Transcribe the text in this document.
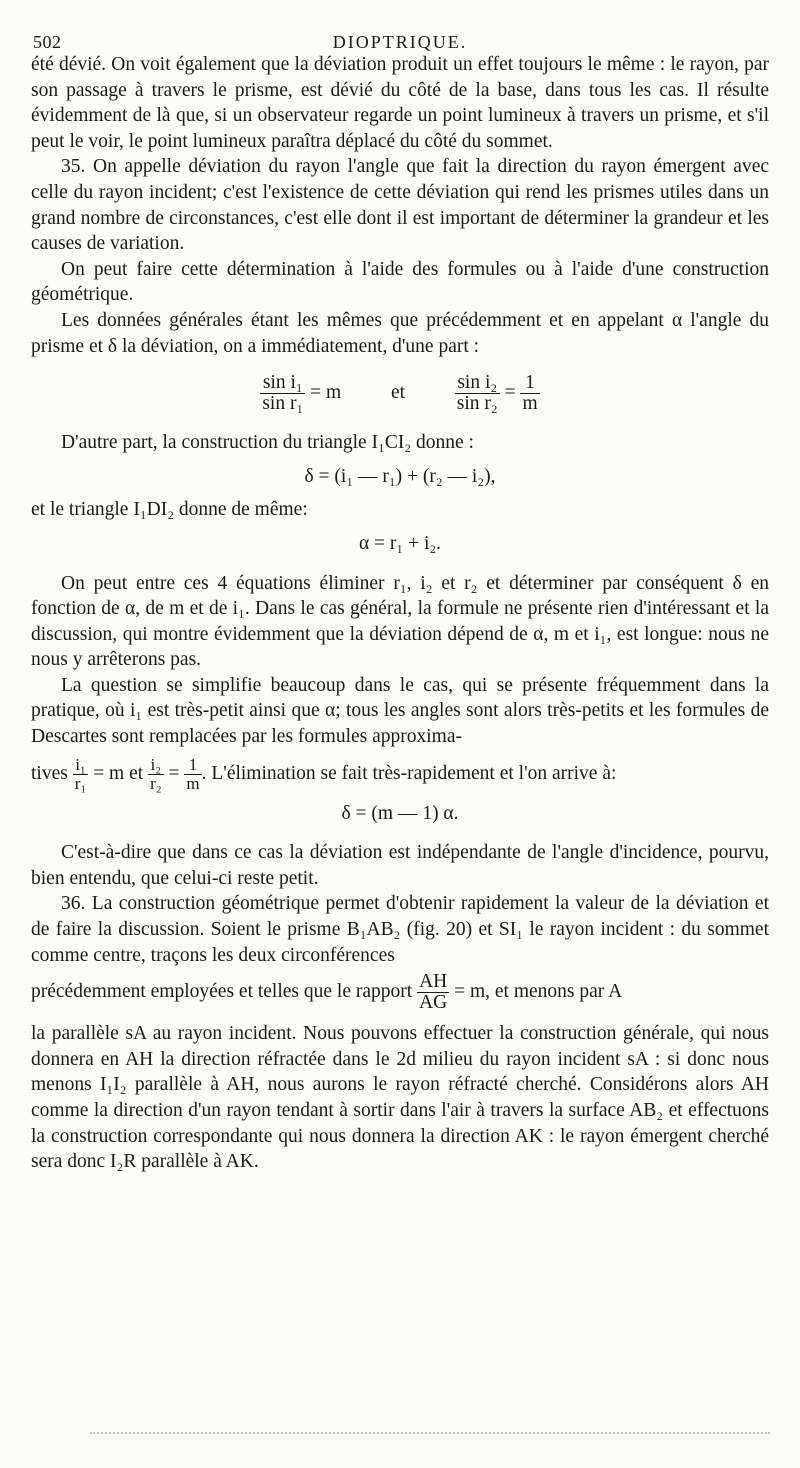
502	DIOPTRIQUE.

été dévié. On voit également que la déviation produit un effet toujours le même : le rayon, par son passage à travers le prisme, est dévié du côté de la base, dans tous les cas. Il résulte évidemment de là que, si un observateur regarde un point lumineux à travers un prisme, et s'il peut le voir, le point lumineux paraîtra déplacé du côté du sommet.

35. On appelle déviation du rayon l'angle que fait la direction du rayon émergent avec celle du rayon incident; c'est l'existence de cette déviation qui rend les prismes utiles dans un grand nombre de circonstances, c'est elle dont il est important de déterminer la grandeur et les causes de variation.

On peut faire cette détermination à l'aide des formules ou à l'aide d'une construction géométrique.

Les données générales étant les mêmes que précédemment et en appelant α l'angle du prisme et δ la déviation, on a immédiatement, d'une part :

$\frac{\text{sin i₁}}{\text{sin r₁}} = m$	et	$\frac{\text{sin i₂}}{\text{sin r₂}} = \frac{1}{m}$

D'autre part, la construction du triangle I₁CI₂ donne :

δ = (i₁ — r₁) + (r₂ — i₂),

et le triangle I₁DI₂ donne de même:

α = r₁ + i₂.

On peut entre ces 4 équations éliminer r₁, i₂ et r₂ et déterminer par conséquent δ en fonction de α, de m et de i₁. Dans le cas général, la formule ne présente rien d'intéressant et la discussion, qui montre évidemment que la déviation dépend de α, m et i₁, est longue: nous ne nous y arrêterons pas.

La question se simplifie beaucoup dans le cas, qui se présente fréquemment dans la pratique, où i₁ est très-petit ainsi que α; tous les angles sont alors très-petits et les formules de Descartes sont remplacées par les formules approxima-

tives $\frac{\text{i₁}}{\text{r₁}} = m$ et $\frac{\text{i₂}}{\text{r₂}} = \frac{1}{m}$ . L'élimination se fait très-rapidement et l'on arrive à:

δ = (m — 1) α.

C'est-à-dire que dans ce cas la déviation est indépendante de l'angle d'incidence, pourvu, bien entendu, que celui-ci reste petit.

36. La construction géométrique permet d'obtenir rapidement la valeur de la déviation et de faire la discussion. Soient le prisme B₁AB₂ (fig. 20) et SI₁ le rayon incident : du sommet comme centre, traçons les deux circonférences

précédemment employées et telles que le rapport $\frac{AH}{AG} = m$, et menons par A

la parallèle sA au rayon incident. Nous pouvons effectuer la construction générale, qui nous donnera en AH la direction réfractée dans le 2d milieu du rayon incident sA : si donc nous menons I₁I₂ parallèle à AH, nous aurons le rayon réfracté cherché. Considérons alors AH comme la direction d'un rayon tendant à sortir dans l'air à travers la surface AB₂ et effectuons la construction correspondante qui nous donnera la direction AK : le rayon émergent cherché sera donc I₂R parallèle à AK.
